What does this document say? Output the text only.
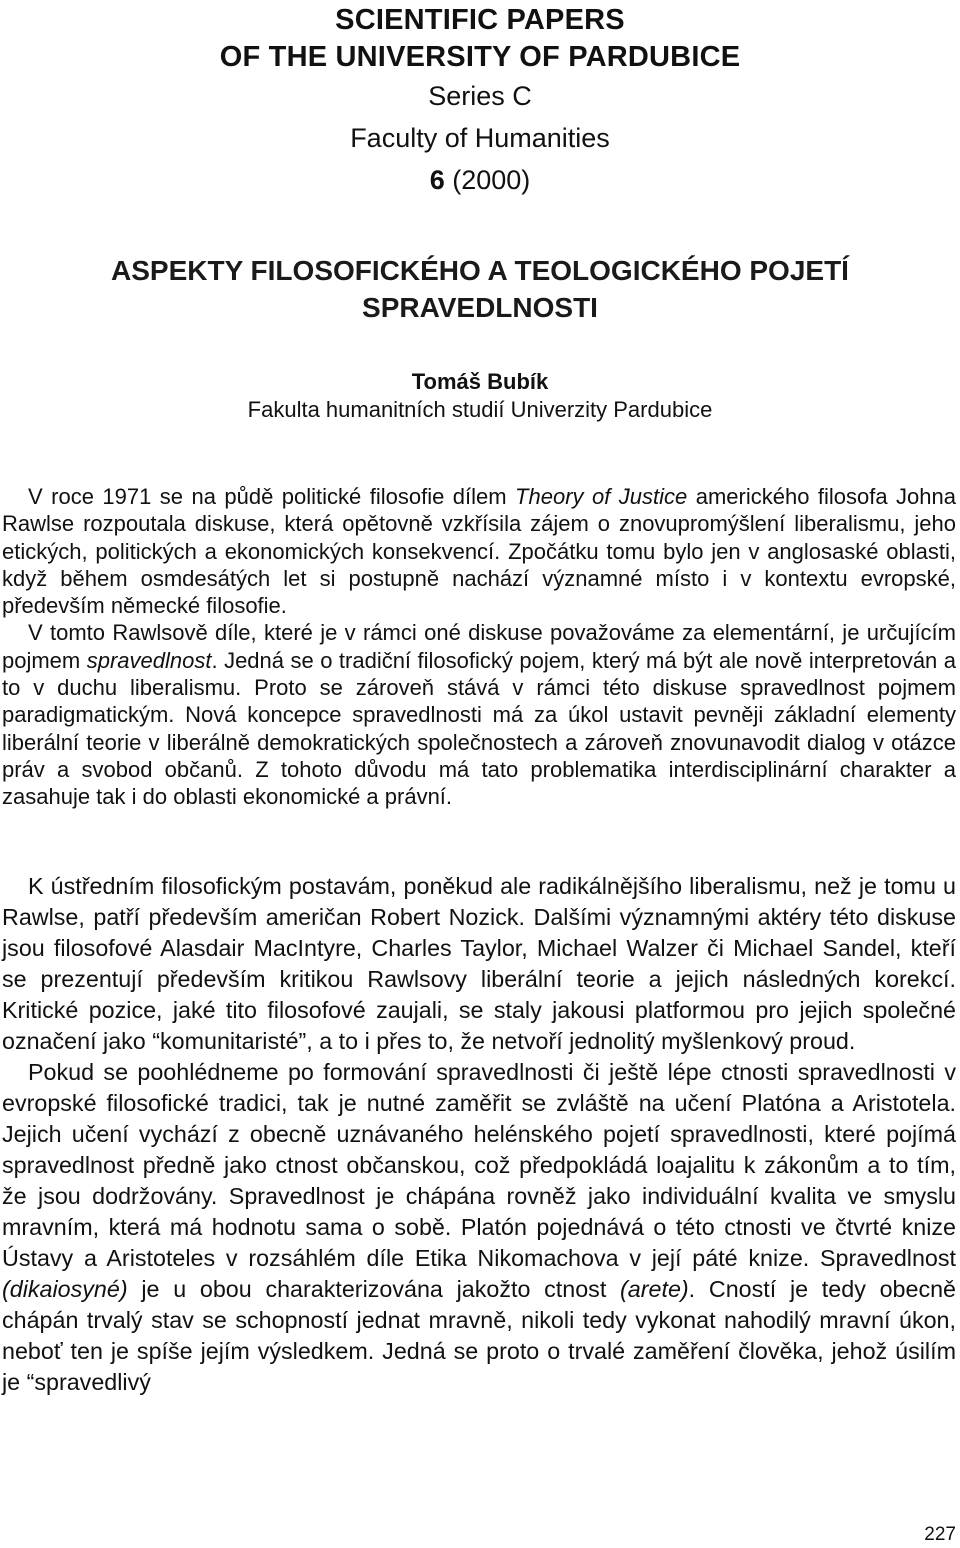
SCIENTIFIC PAPERS
OF THE UNIVERSITY OF PARDUBICE
Series C
Faculty of Humanities
6 (2000)
ASPEKTY FILOSOFICKÉHO A TEOLOGICKÉHO POJETÍ
SPRAVEDLNOSTI
Tomáš Bubík
Fakulta humanitních studií Univerzity Pardubice

V roce 1971 se na půdě politické filosofie dílem Theory of Justice amerického filosofa Johna Rawlse rozpoutala diskuse, která opětovně vzkřísila zájem o znovupromýšlení liberalismu, jeho etických, politických a ekonomických konsekvencí. Zpočátku tomu bylo jen v anglosaské oblasti, když během osmdesátých let si postupně nachází významné místo i v kontextu evropské, především německé filosofie.

V tomto Rawlsově díle, které je v rámci oné diskuse považováme za elementární, je určujícím pojmem spravedlnost. Jedná se o tradiční filosofický pojem, který má být ale nově interpretován a to v duchu liberalismu. Proto se zároveň stává v rámci této diskuse spravedlnost pojmem paradigmatickým. Nová koncepce spravedlnosti má za úkol ustavit pevněji základní elementy liberální teorie v liberálně demokratických společnostech a zároveň znovunavodit dialog v otázce práv a svobod občanů. Z tohoto důvodu má tato problematika interdisciplinární charakter a zasahuje tak i do oblasti ekonomické a právní.

K ústředním filosofickým postavám, poněkud ale radikálnějšího liberalismu, než je tomu u Rawlse, patří především američan Robert Nozick. Dalšími významnými aktéry této diskuse jsou filosofové Alasdair MacIntyre, Charles Taylor, Michael Walzer či Michael Sandel, kteří se prezentují především kritikou Rawlsovy liberální teorie a jejich následných korekcí. Kritické pozice, jaké tito filosofové zaujali, se staly jakousi platformou pro jejich společné označení jako “komunitaristé”, a to i přes to, že netvoří jednolitý myšlenkový proud.

Pokud se poohlédneme po formování spravedlnosti či ještě lépe ctnosti spravedlnosti v evropské filosofické tradici, tak je nutné zaměřit se zvláště na učení Platóna a Aristotela. Jejich učení vychází z obecně uznávaného helénského pojetí spravedlnosti, které pojímá spravedlnost předně jako ctnost občanskou, což předpokládá loajalitu k zákonům a to tím, že jsou dodržovány. Spravedlnost je chápána rovněž jako individuální kvalita ve smyslu mravním, která má hodnotu sama o sobě. Platón pojednává o této ctnosti ve čtvrté knize Ústavy a Aristoteles v rozsáhlém díle Etika Nikomachova v její páté knize. Spravedlnost (dikaiosyné) je u obou charakterizována jakožto ctnost (arete). Cností je tedy obecně chápán trvalý stav se schopností jednat mravně, nikoli tedy vykonat nahodilý mravní úkon, neboť ten je spíše jejím výsledkem. Jedná se proto o trvalé zaměření člověka, jehož úsilím je “spravedlivý

227
